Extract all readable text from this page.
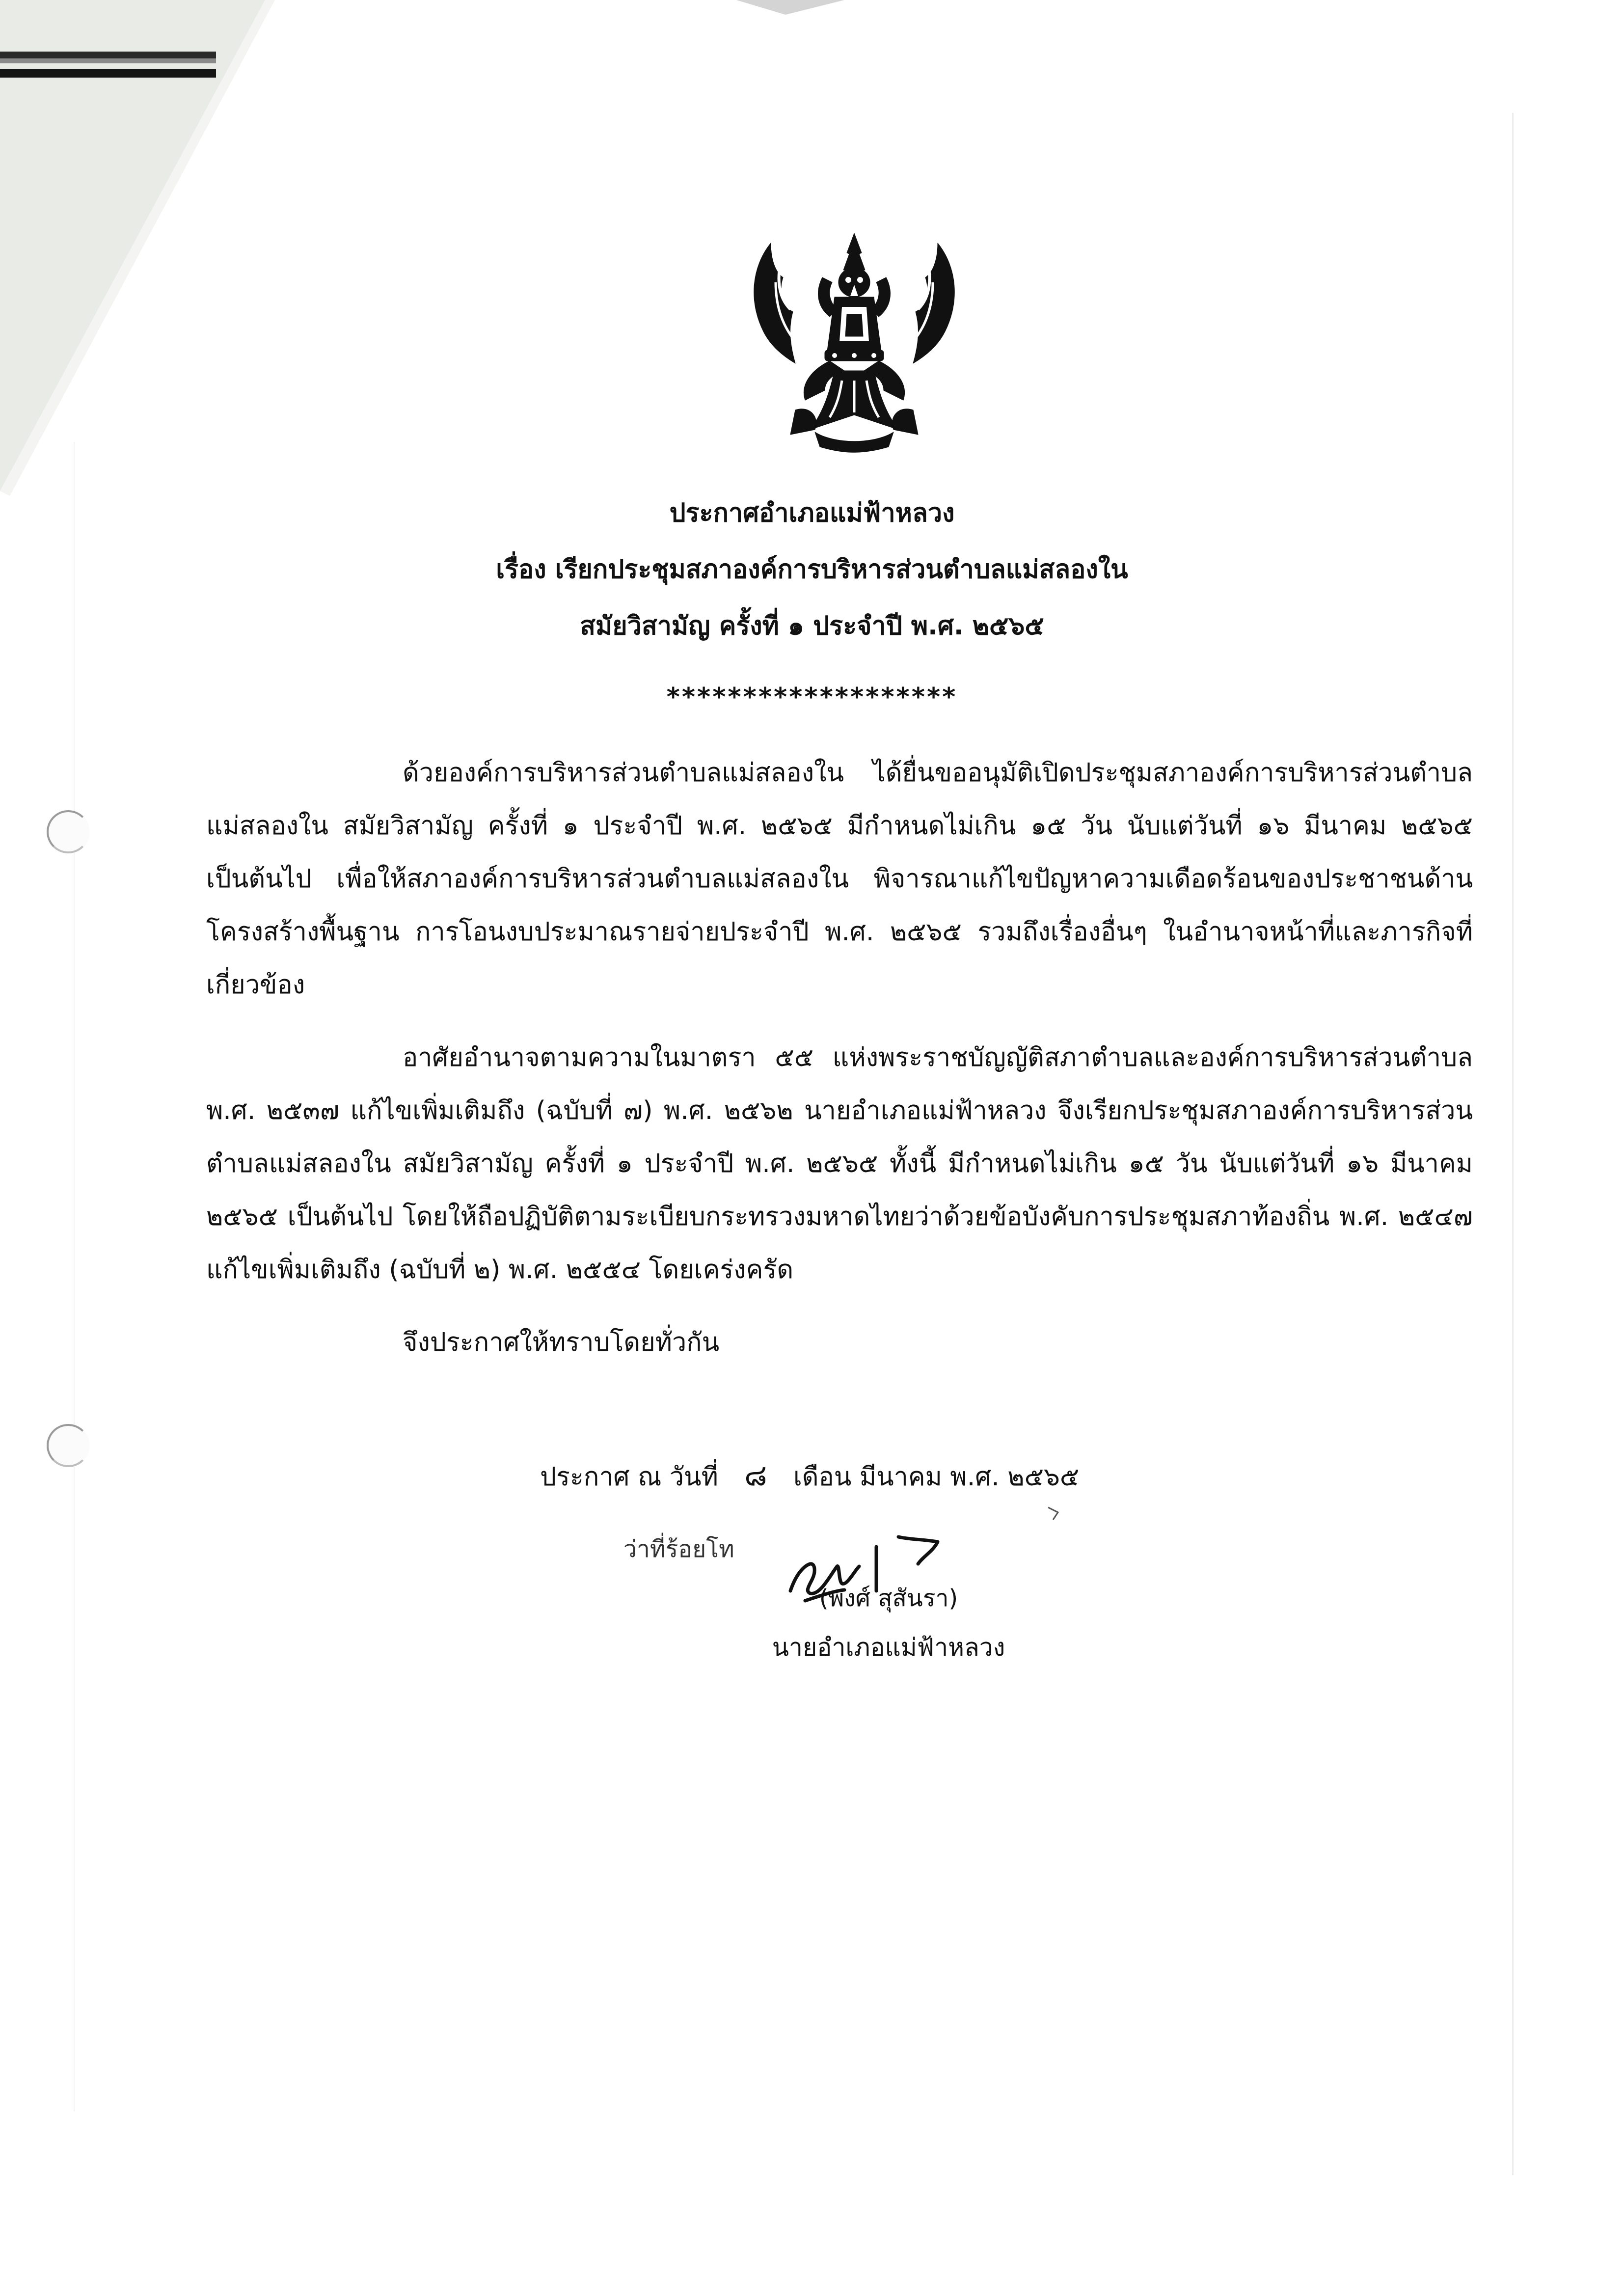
ประกาศอำเภอแม่ฟ้าหลวง
เรื่อง เรียกประชุมสภาองค์การบริหารส่วนตำบลแม่สลองใน
สมัยวิสามัญ ครั้งที่ ๑ ประจำปี พ.ศ. ๒๕๖๕
*******************
ด้วยองค์การบริหารส่วนตำบลแม่สลองใน ได้ยื่นขออนุมัติเปิดประชุมสภาองค์การบริหารส่วนตำบลแม่สลองใน สมัยวิสามัญ ครั้งที่ ๑ ประจำปี พ.ศ. ๒๕๖๕ มีกำหนดไม่เกิน ๑๕ วัน นับแต่วันที่ ๑๖ มีนาคม ๒๕๖๕ เป็นต้นไป เพื่อให้สภาองค์การบริหารส่วนตำบลแม่สลองใน พิจารณาแก้ไขปัญหาความเดือดร้อนของประชาชนด้านโครงสร้างพื้นฐาน การโอนงบประมาณรายจ่ายประจำปี พ.ศ. ๒๕๖๕ รวมถึงเรื่องอื่นๆ ในอำนาจหน้าที่และภารกิจที่เกี่ยวข้อง
อาศัยอำนาจตามความในมาตรา ๕๕ แห่งพระราชบัญญัติสภาตำบลและองค์การบริหารส่วนตำบล พ.ศ. ๒๕๓๗ แก้ไขเพิ่มเติมถึง (ฉบับที่ ๗) พ.ศ. ๒๕๖๒ นายอำเภอแม่ฟ้าหลวง จึงเรียกประชุมสภาองค์การบริหารส่วนตำบลแม่สลองใน สมัยวิสามัญ ครั้งที่ ๑ ประจำปี พ.ศ. ๒๕๖๕ ทั้งนี้ มีกำหนดไม่เกิน ๑๕ วัน นับแต่วันที่ ๑๖ มีนาคม ๒๕๖๕ เป็นต้นไป โดยให้ถือปฏิบัติตามระเบียบกระทรวงมหาดไทยว่าด้วยข้อบังคับการประชุมสภาท้องถิ่น พ.ศ. ๒๕๔๗ แก้ไขเพิ่มเติมถึง (ฉบับที่ ๒) พ.ศ. ๒๕๕๔ โดยเคร่งครัด
จึงประกาศให้ทราบโดยทั่วกัน
ประกาศ ณ วันที่ ๘ เดือน มีนาคม พ.ศ. ๒๕๖๕
ว่าที่ร้อยโท
(พงศ์ สุสันรา)
นายอำเภอแม่ฟ้าหลวง
